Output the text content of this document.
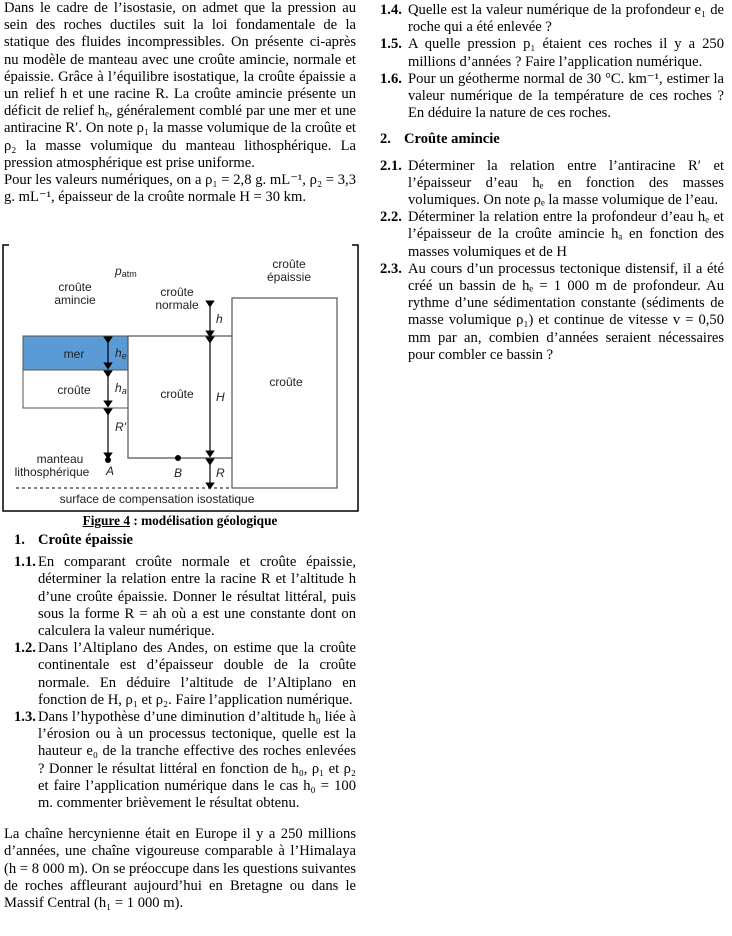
Dans le cadre de l’isostasie, on admet que la pression au sein des roches ductiles suit la loi fondamentale de la statique des fluides incompressibles. On présente ci-après nu modèle de manteau avec une croûte amincie, normale et épaissie. Grâce à l’équilibre isostatique, la croûte épaissie a un relief h et une racine R. La croûte amincie présente un déficit de relief hₑ, généralement comblé par une mer et une antiracine R′. On note ρ₁ la masse volumique de la croûte et ρ₂ la masse volumique du manteau lithosphérique. La pression atmosphérique est prise uniforme.

Pour les valeurs numériques, on a ρ₁ = 2,8 g. mL⁻¹, ρ₂ = 3,3 g. mL⁻¹, épaisseur de la croûte normale H = 30 km.

patm
croûte
amincie
croûte
normale
croûte
épaissie
mer
croûte	croûte
croûte
h
he
ha	H
R'
R
A	B
manteau
lithosphérique
surface de compensation isostatique
Figure 4 : modélisation géologique

1. Croûte épaissie

1.1. En comparant croûte normale et croûte épaissie, déterminer la relation entre la racine R et l’altitude h d’une croûte épaissie. Donner le résultat littéral, puis sous la forme R = ah où a est une constante dont on calculera la valeur numérique.
1.2. Dans l’Altiplano des Andes, on estime que la croûte continentale est d’épaisseur double de la croûte normale. En déduire l’altitude de l’Altiplano en fonction de H, ρ₁ et ρ₂. Faire l’application numérique.
1.3. Dans l’hypothèse d’une diminution d’altitude h₀ liée à l’érosion ou à un processus tectonique, quelle est la hauteur e₀ de la tranche effective des roches enlevées ? Donner le résultat littéral en fonction de h₀, ρ₁ et ρ₂ et faire l’application numérique dans le cas h₀ = 100 m. commenter brièvement le résultat obtenu.

La chaîne hercynienne était en Europe il y a 250 millions d’années, une chaîne vigoureuse comparable à l’Himalaya (h = 8 000 m). On se préoccupe dans les questions suivantes de roches affleurant aujourd’hui en Bretagne ou dans le Massif Central (h₁ = 1 000 m).

1.4. Quelle est la valeur numérique de la profondeur e₁ de roche qui a été enlevée ?
1.5. A quelle pression p₁ étaient ces roches il y a 250 millions d’années ? Faire l’application numérique.
1.6. Pour un géotherme normal de 30 °C. km⁻¹, estimer la valeur numérique de la température de ces roches ? En déduire la nature de ces roches.

2. Croûte amincie

2.1. Déterminer la relation entre l’antiracine R′ et l’épaisseur d’eau hₑ en fonction des masses volumiques. On note ρₑ la masse volumique de l’eau.
2.2. Déterminer la relation entre la profondeur d’eau hₑ et l’épaisseur de la croûte amincie hₐ en fonction des masses volumiques et de H
2.3. Au cours d’un processus tectonique distensif, il a été créé un bassin de hₑ = 1 000 m de profondeur. Au rythme d’une sédimentation constante (sédiments de masse volumique ρ₁) et continue de vitesse v = 0,50 mm par an, combien d’années seraient nécessaires pour combler ce bassin ?
